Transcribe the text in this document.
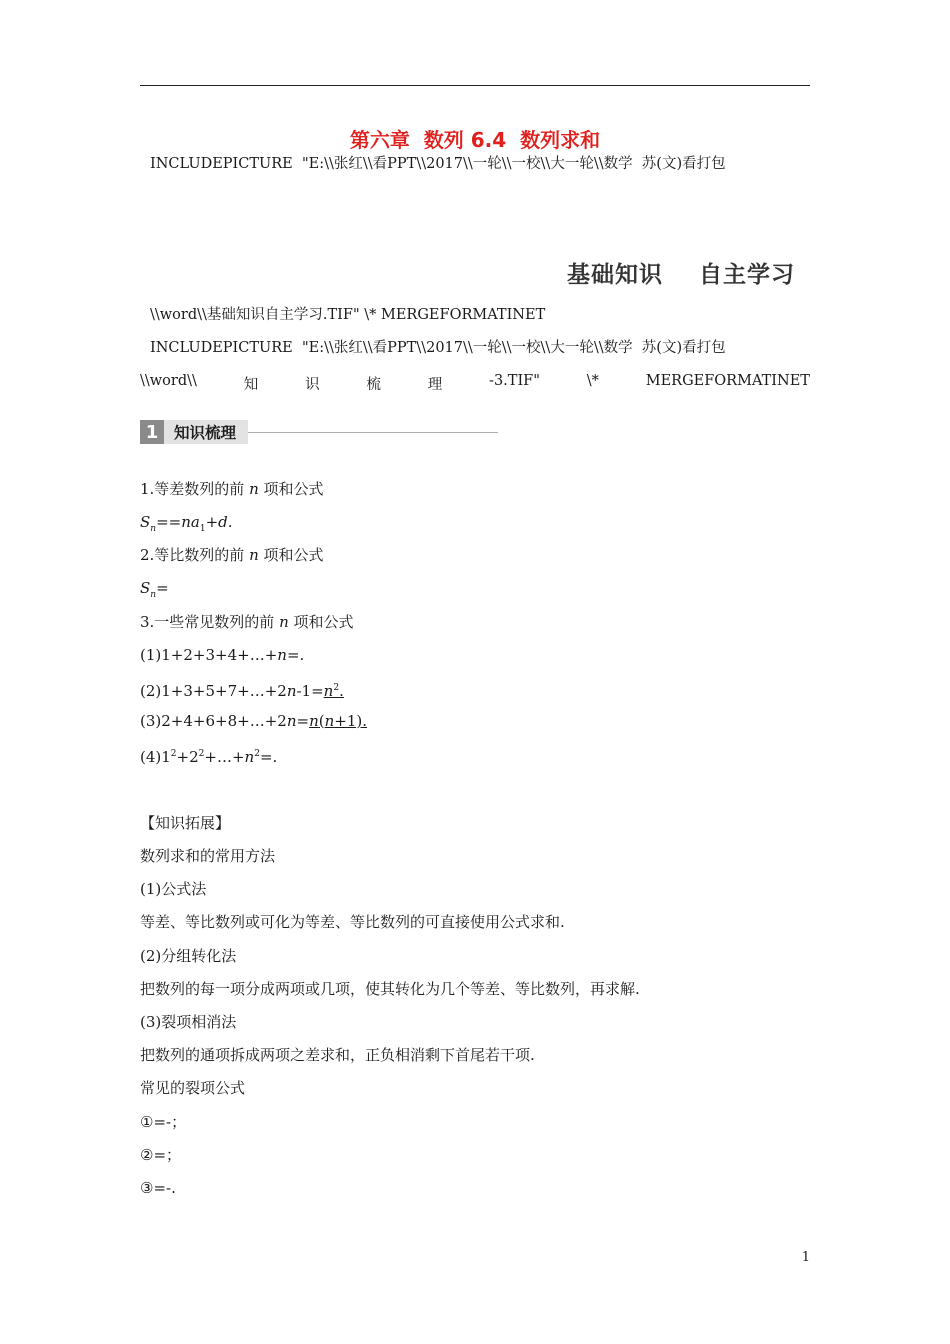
第六章  数列 6.4  数列求和
INCLUDEPICTURE  "E:\\张红\\看PPT\\2017\\一轮\\一校\\大一轮\\数学  苏(文)看打包
基础知识    自主学习
\\word\\基础知识自主学习.TIF" \* MERGEFORMATINET
INCLUDEPICTURE  "E:\\张红\\看PPT\\2017\\一轮\\一校\\大一轮\\数学  苏(文)看打包
\\word\\	知	识	梳	理	-3.TIF"	\*	MERGEFORMATINET
1	知识梳理
1.等差数列的前 n 项和公式
$S_n==na_1+d$.
2.等比数列的前 n 项和公式
$S_n=$
3.一些常见数列的前 n 项和公式
(1)1+2+3+4+…+n=.
$(2)1+3+5+7+\dots+2n-1=n^2$.
(3)2+4+6+8+…+2n=n(n+1).
$(4)1^2+2^2+\dots+n^2=$.
【知识拓展】
数列求和的常用方法
(1)公式法
等差、等比数列或可化为等差、等比数列的可直接使用公式求和.
(2)分组转化法
把数列的每一项分成两项或几项，使其转化为几个等差、等比数列，再求解.
(3)裂项相消法
把数列的通项拆成两项之差求和，正负相消剩下首尾若干项.
常见的裂项公式
①=-；
②=；
③=-.
1
